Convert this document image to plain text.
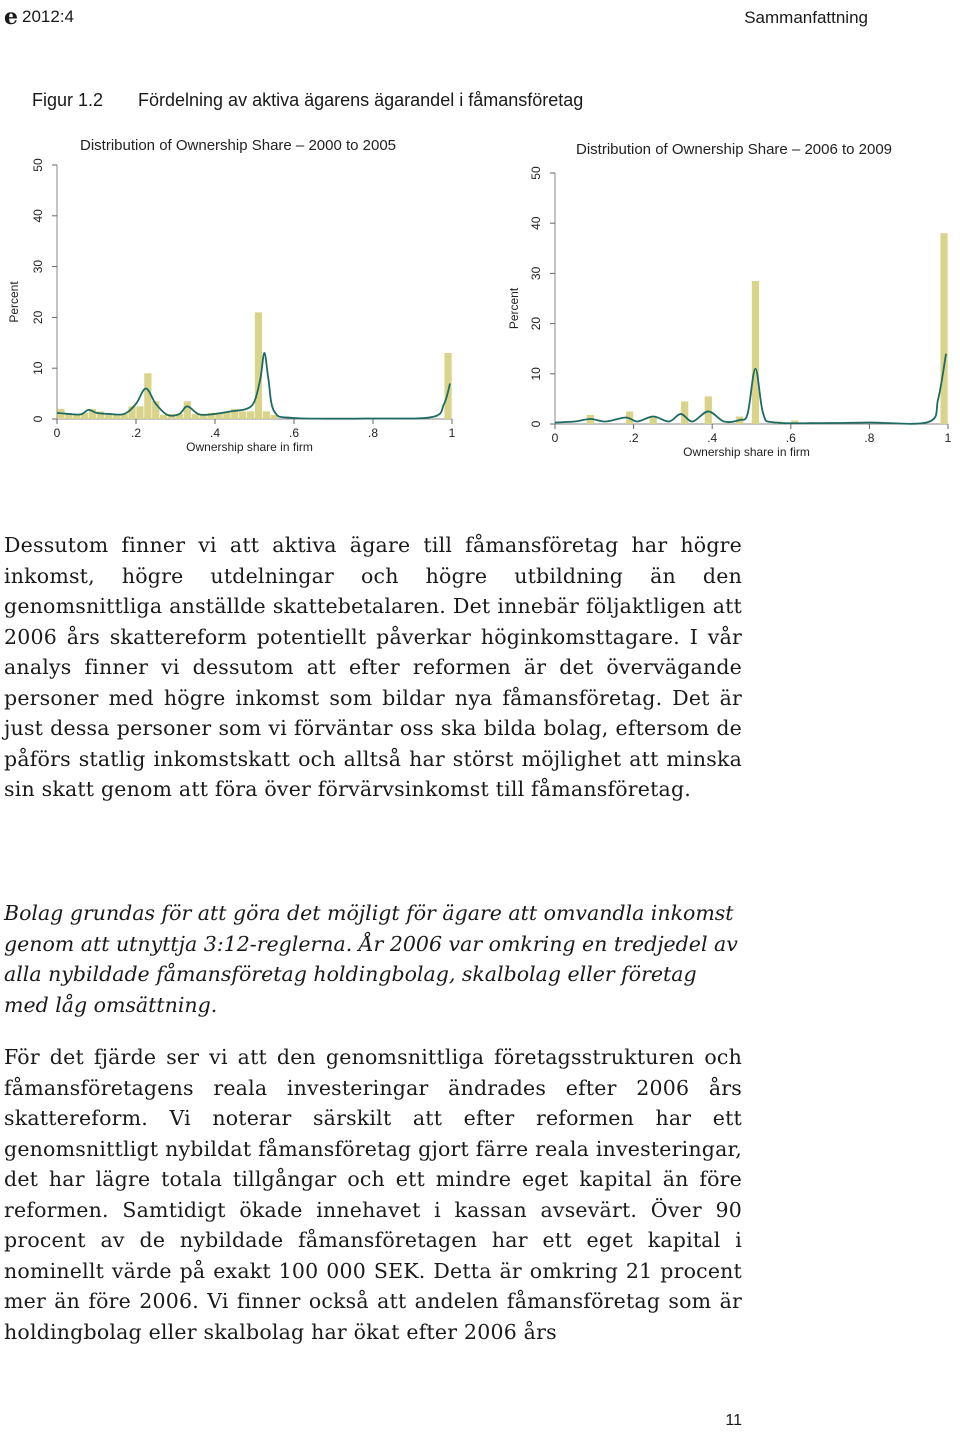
e 2012:4	Sammanfattning
Figur 1.2 Fördelning av aktiva ägarens ägarandel i fåmansföretag
Distribution of Ownership Share – 2000 to 2005
0
10
20
30
40
50
0	.2	.4	.6	.8	1
Ownership share in firm
Percent
Distribution of Ownership Share – 2006 to 2009
0
10
20
30
40
50
0	.2	.4	.6	.8	1
Ownership share in firm
Percent

Dessutom finner vi att aktiva ägare till fåmansföretag har högre inkomst, högre utdelningar och högre utbildning än den genomsnittliga anställde skattebetalaren. Det innebär följaktligen att 2006 års skattereform potentiellt påverkar höginkomsttagare. I vår analys finner vi dessutom att efter reformen är det övervägande personer med högre inkomst som bildar nya fåmansföretag. Det är just dessa personer som vi förväntar oss ska bilda bolag, eftersom de påförs statlig inkomstskatt och alltså har störst möjlighet att minska sin skatt genom att föra över förvärvsinkomst till fåmansföretag.

Bolag grundas för att göra det möjligt för ägare att omvandla inkomst genom att utnyttja 3:12-reglerna. År 2006 var omkring en tredjedel av alla nybildade fåmansföretag holdingbolag, skalbolag eller företag med låg omsättning.

För det fjärde ser vi att den genomsnittliga företagsstrukturen och fåmansföretagens reala investeringar ändrades efter 2006 års skattereform. Vi noterar särskilt att efter reformen har ett genomsnittligt nybildat fåmansföretag gjort färre reala investeringar, det har lägre totala tillgångar och ett mindre eget kapital än före reformen. Samtidigt ökade innehavet i kassan avsevärt. Över 90 procent av de nybildade fåmansföretagen har ett eget kapital i nominellt värde på exakt 100 000 SEK. Detta är omkring 21 procent mer än före 2006. Vi finner också att andelen fåmansföretag som är holdingbolag eller skalbolag har ökat efter 2006 års

11
